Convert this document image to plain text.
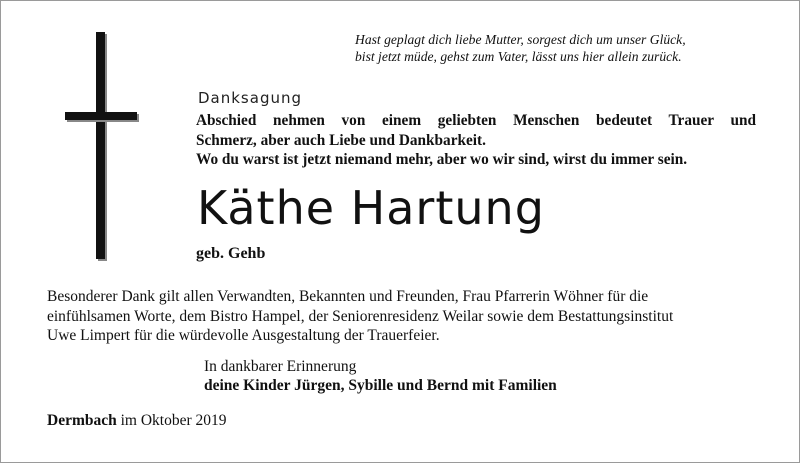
Hast geplagt dich liebe Mutter, sorgest dich um unser Glück,
bist jetzt müde, gehst zum Vater, lässt uns hier allein zurück.
Danksagung
Abschied nehmen von einem geliebten Menschen bedeutet Trauer und
Schmerz, aber auch Liebe und Dankbarkeit.
Wo du warst ist jetzt niemand mehr, aber wo wir sind, wirst du immer sein.
Käthe Hartung
geb. Gehb
Besonderer Dank gilt allen Verwandten, Bekannten und Freunden, Frau Pfarrerin Wöhner für die
einfühlsamen Worte, dem Bistro Hampel, der Seniorenresidenz Weilar sowie dem Bestattungsinstitut
Uwe Limpert für die würdevolle Ausgestaltung der Trauerfeier.
In dankbarer Erinnerung
deine Kinder Jürgen, Sybille und Bernd mit Familien
Dermbach im Oktober 2019
